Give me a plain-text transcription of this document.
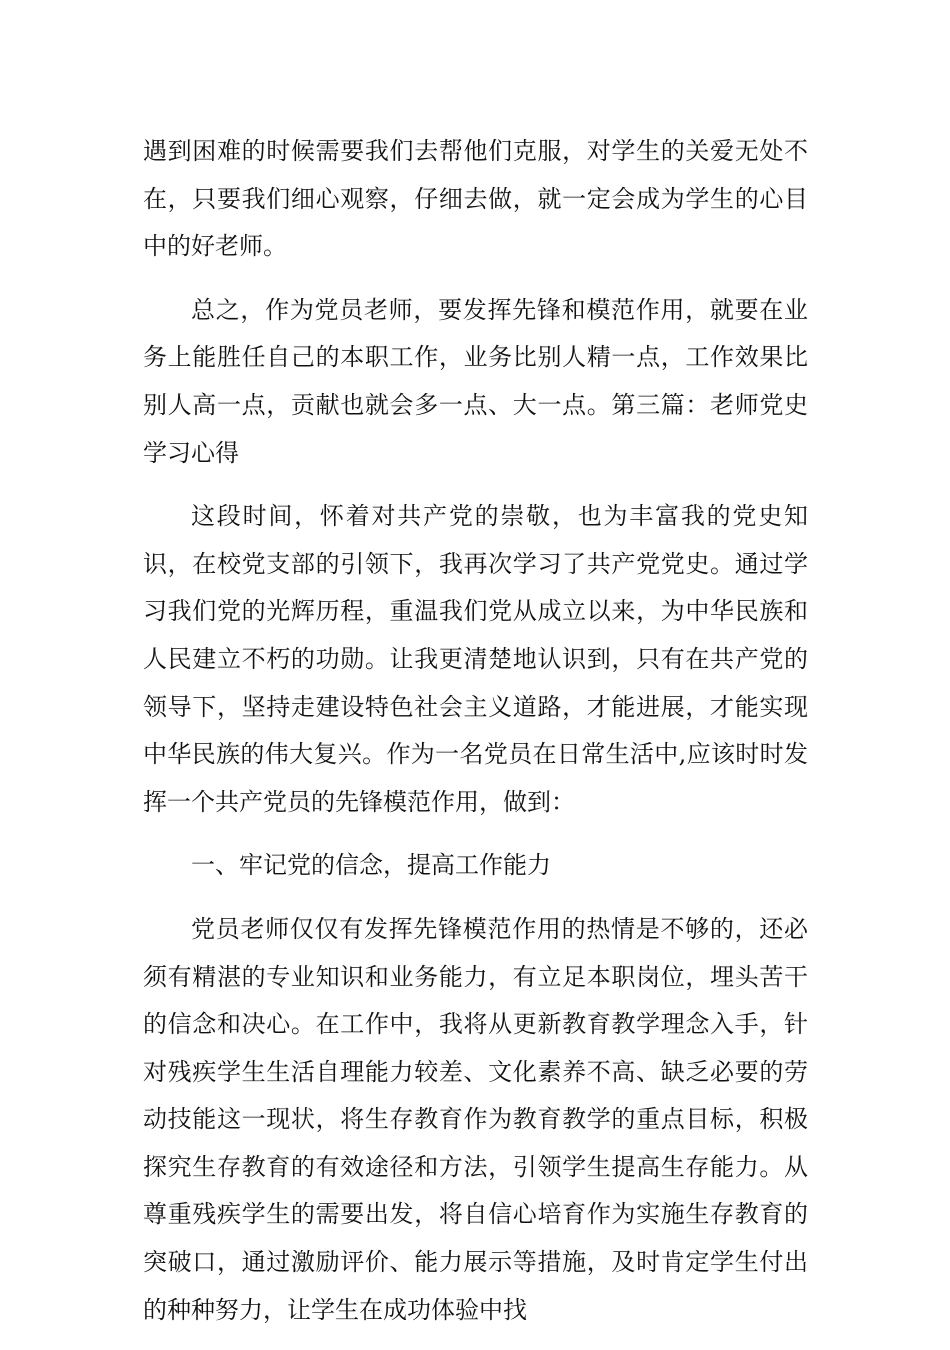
遇到困难的时候需要我们去帮他们克服，对学生的关爱无处不在，只要我们细心观察，仔细去做，就一定会成为学生的心目中的好老师。

总之，作为党员老师，要发挥先锋和模范作用，就要在业务上能胜任自己的本职工作，业务比别人精一点，工作效果比别人高一点，贡献也就会多一点、大一点。第三篇：老师党史学习心得

这段时间，怀着对共产党的崇敬，也为丰富我的党史知识，在校党支部的引领下，我再次学习了共产党党史。通过学习我们党的光辉历程，重温我们党从成立以来，为中华民族和人民建立不朽的功勋。让我更清楚地认识到，只有在共产党的领导下，坚持走建设特色社会主义道路，才能进展，才能实现中华民族的伟大复兴。作为一名党员在日常生活中,应该时时发挥一个共产党员的先锋模范作用，做到：

一、牢记党的信念，提高工作能力

党员老师仅仅有发挥先锋模范作用的热情是不够的，还必须有精湛的专业知识和业务能力，有立足本职岗位，埋头苦干的信念和决心。在工作中，我将从更新教育教学理念入手，针对残疾学生生活自理能力较差、文化素养不高、缺乏必要的劳动技能这一现状，将生存教育作为教育教学的重点目标，积极探究生存教育的有效途径和方法，引领学生提高生存能力。从尊重残疾学生的需要出发，将自信心培育作为实施生存教育的突破口，通过激励评价、能力展示等措施，及时肯定学生付出的种种努力，让学生在成功体验中找
